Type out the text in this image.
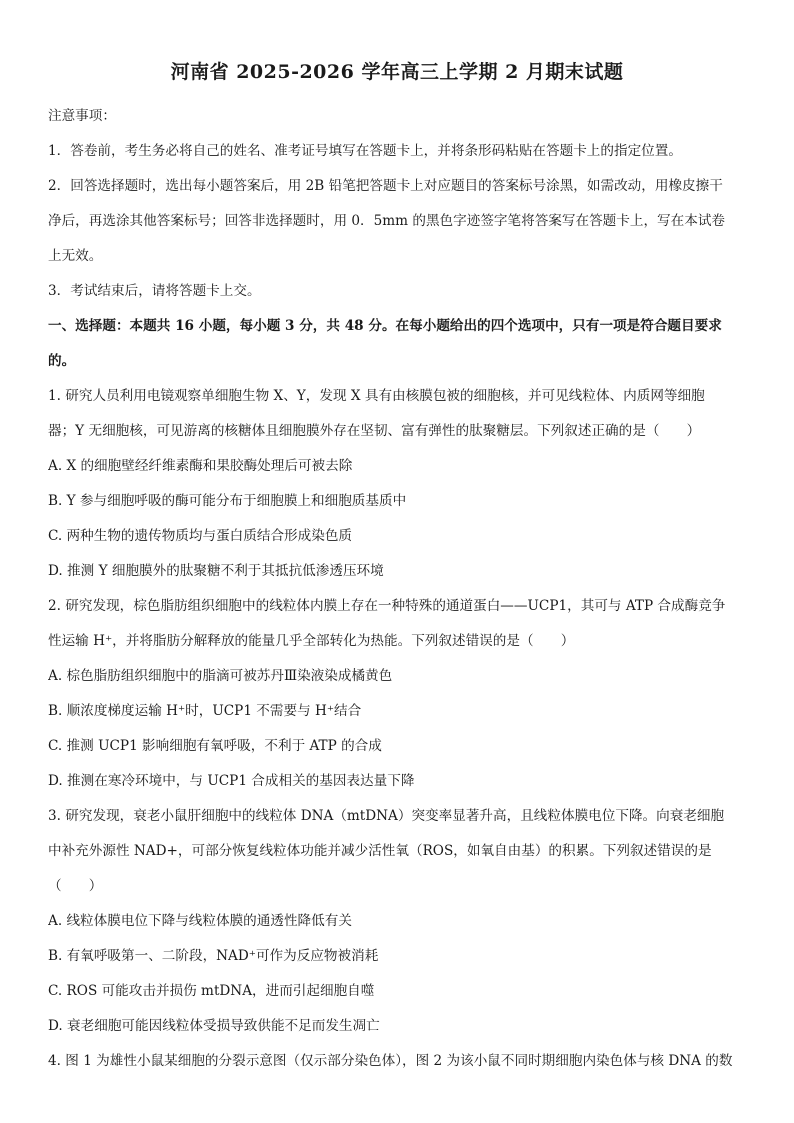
河南省 2025-2026 学年高三上学期 2 月期末试题
注意事项：
1．答卷前，考生务必将自己的姓名、准考证号填写在答题卡上，并将条形码粘贴在答题卡上的指定位置。
2．回答选择题时，选出每小题答案后，用 2B 铅笔把答题卡上对应题目的答案标号涂黑，如需改动，用橡皮擦干
净后，再选涂其他答案标号；回答非选择题时，用 0．5mm 的黑色字迹签字笔将答案写在答题卡上，写在本试卷
上无效。
3．考试结束后，请将答题卡上交。
一、选择题：本题共 16 小题，每小题 3 分，共 48 分。在每小题给出的四个选项中，只有一项是符合题目要求
的。
1. 研究人员利用电镜观察单细胞生物 X、Y，发现 X 具有由核膜包被的细胞核，并可见线粒体、内质网等细胞
器；Y 无细胞核，可见游离的核糖体且细胞膜外存在坚韧、富有弹性的肽聚糖层。下列叙述正确的是（　　）
A. X 的细胞壁经纤维素酶和果胶酶处理后可被去除
B. Y 参与细胞呼吸的酶可能分布于细胞膜上和细胞质基质中
C. 两种生物的遗传物质均与蛋白质结合形成染色质
D. 推测 Y 细胞膜外的肽聚糖不利于其抵抗低渗透压环境
2. 研究发现，棕色脂肪组织细胞中的线粒体内膜上存在一种特殊的通道蛋白——UCP1，其可与 ATP 合成酶竞争
性运输 H⁺，并将脂肪分解释放的能量几乎全部转化为热能。下列叙述错误的是（　　）
A. 棕色脂肪组织细胞中的脂滴可被苏丹Ⅲ染液染成橘黄色
B. 顺浓度梯度运输 H⁺时，UCP1 不需要与 H⁺结合
C. 推测 UCP1 影响细胞有氧呼吸，不利于 ATP 的合成
D. 推测在寒冷环境中，与 UCP1 合成相关的基因表达量下降
3. 研究发现，衰老小鼠肝细胞中的线粒体 DNA（mtDNA）突变率显著升高，且线粒体膜电位下降。向衰老细胞
中补充外源性 NAD+，可部分恢复线粒体功能并减少活性氧（ROS，如氧自由基）的积累。下列叙述错误的是
（　　）
A. 线粒体膜电位下降与线粒体膜的通透性降低有关
B. 有氧呼吸第一、二阶段，NAD⁺可作为反应物被消耗
C. ROS 可能攻击并损伤 mtDNA，进而引起细胞自噬
D. 衰老细胞可能因线粒体受损导致供能不足而发生凋亡
4. 图 1 为雄性小鼠某细胞的分裂示意图（仅示部分染色体），图 2 为该小鼠不同时期细胞内染色体与核 DNA 的数
